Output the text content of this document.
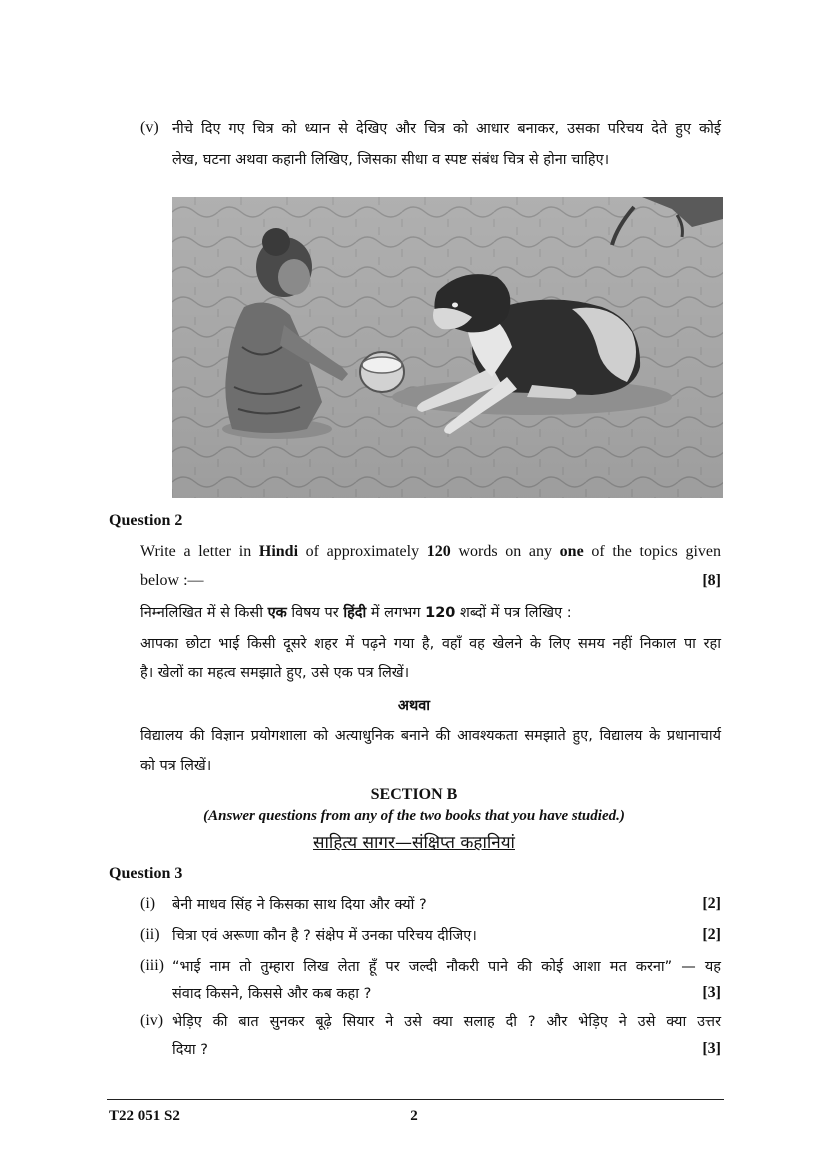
(v) नीचे दिए गए चित्र को ध्यान से देखिए और चित्र को आधार बनाकर, उसका परिचय देते हुए कोई
लेख, घटना अथवा कहानी लिखिए, जिसका सीधा व स्पष्ट संबंध चित्र से होना चाहिए।
Question 2
Write a letter in Hindi of approximately 120 words on any one of the topics given
below :—	[8]
निम्नलिखित में से किसी एक विषय पर हिंदी में लगभग 120 शब्दों में पत्र लिखिए :
आपका छोटा भाई किसी दूसरे शहर में पढ़ने गया है, वहाँ वह खेलने के लिए समय नहीं निकाल पा रहा
है। खेलों का महत्व समझाते हुए, उसे एक पत्र लिखें।
अथवा
विद्यालय की विज्ञान प्रयोगशाला को अत्याधुनिक बनाने की आवश्यकता समझाते हुए, विद्यालय के प्रधानाचार्य
को पत्र लिखें।
SECTION B
(Answer questions from any of the two books that you have studied.)
साहित्य सागर—संक्षिप्त कहानियां
Question 3
(i) बेनी माधव सिंह ने किसका साथ दिया और क्यों ?	[2]
(ii) चित्रा एवं अरूणा कौन है ? संक्षेप में उनका परिचय दीजिए।	[2]
(iii) “भाई नाम तो तुम्हारा लिख लेता हूँ पर जल्दी नौकरी पाने की कोई आशा मत करना” — यह
संवाद किसने, किससे और कब कहा ?	[3]
(iv) भेड़िए की बात सुनकर बूढ़े सियार ने उसे क्या सलाह दी ? और भेड़िए ने उसे क्या उत्तर
दिया ?	[3]
T22 051 S2	2
